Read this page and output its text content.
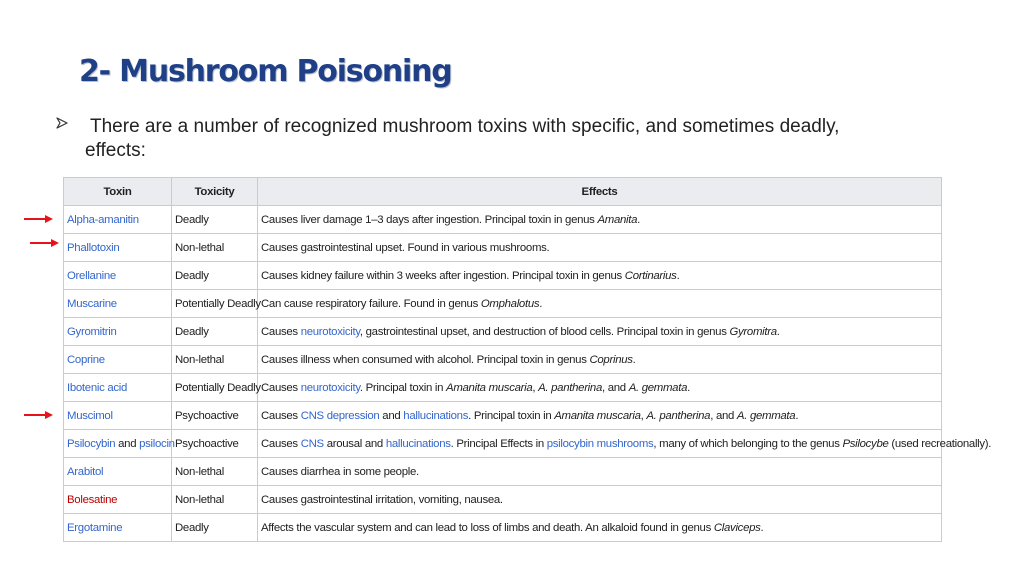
2- Mushroom Poisoning
There are a number of recognized mushroom toxins with specific, and sometimes deadly,
effects:
Toxin	Toxicity	Effects
Alpha-amanitin	Deadly	Causes liver damage 1–3 days after ingestion. Principal toxin in genus Amanita.
Phallotoxin	Non-lethal	Causes gastrointestinal upset. Found in various mushrooms.
Orellanine	Deadly	Causes kidney failure within 3 weeks after ingestion. Principal toxin in genus Cortinarius.
Muscarine	Potentially Deadly	Can cause respiratory failure. Found in genus Omphalotus.
Gyromitrin	Deadly	Causes neurotoxicity, gastrointestinal upset, and destruction of blood cells. Principal toxin in genus Gyromitra.
Coprine	Non-lethal	Causes illness when consumed with alcohol. Principal toxin in genus Coprinus.
Ibotenic acid	Potentially Deadly	Causes neurotoxicity. Principal toxin in Amanita muscaria, A. pantherina, and A. gemmata.
Muscimol	Psychoactive	Causes CNS depression and hallucinations. Principal toxin in Amanita muscaria, A. pantherina, and A. gemmata.
Psilocybin and psilocin	Psychoactive	Causes CNS arousal and hallucinations. Principal Effects in psilocybin mushrooms, many of which belonging to the genus Psilocybe (used recreationally).
Arabitol	Non-lethal	Causes diarrhea in some people.
Bolesatine	Non-lethal	Causes gastrointestinal irritation, vomiting, nausea.
Ergotamine	Deadly	Affects the vascular system and can lead to loss of limbs and death. An alkaloid found in genus Claviceps.
